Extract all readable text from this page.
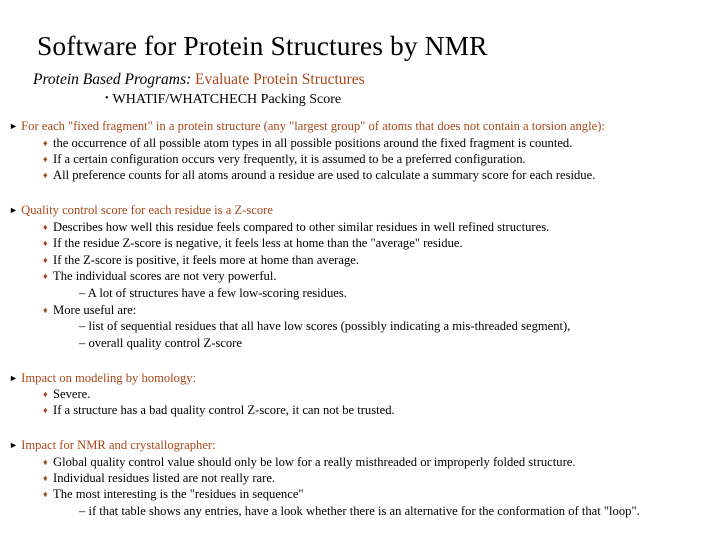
Software for Protein Structures by NMR
Protein Based Programs: Evaluate Protein Structures
• WHATIF/WHATCHECH Packing Score
► For each "fixed fragment" in a protein structure (any "largest group" of atoms that does not contain a torsion angle):
♦ the occurrence of all possible atom types in all possible positions around the fixed fragment is counted.
♦ If a certain configuration occurs very frequently, it is assumed to be a preferred configuration.
♦ All preference counts for all atoms around a residue are used to calculate a summary score for each residue.
► Quality control score for each residue is a Z-score
♦ Describes how well this residue feels compared to other similar residues in well refined structures.
♦ If the residue Z-score is negative, it feels less at home than the "average" residue.
♦ If the Z-score is positive, it feels more at home than average.
♦ The individual scores are not very powerful.
– A lot of structures have a few low-scoring residues.
♦ More useful are:
– list of sequential residues that all have low scores (possibly indicating a mis-threaded segment),
– overall quality control Z-score
► Impact on modeling by homology:
♦ Severe.
♦ If a structure has a bad quality control Z-score, it can not be trusted.
► Impact for NMR and crystallographer:
♦ Global quality control value should only be low for a really misthreaded or improperly folded structure.
♦ Individual residues listed are not really rare.
♦ The most interesting is the "residues in sequence"
– if that table shows any entries, have a look whether there is an alternative for the conformation of that "loop".
